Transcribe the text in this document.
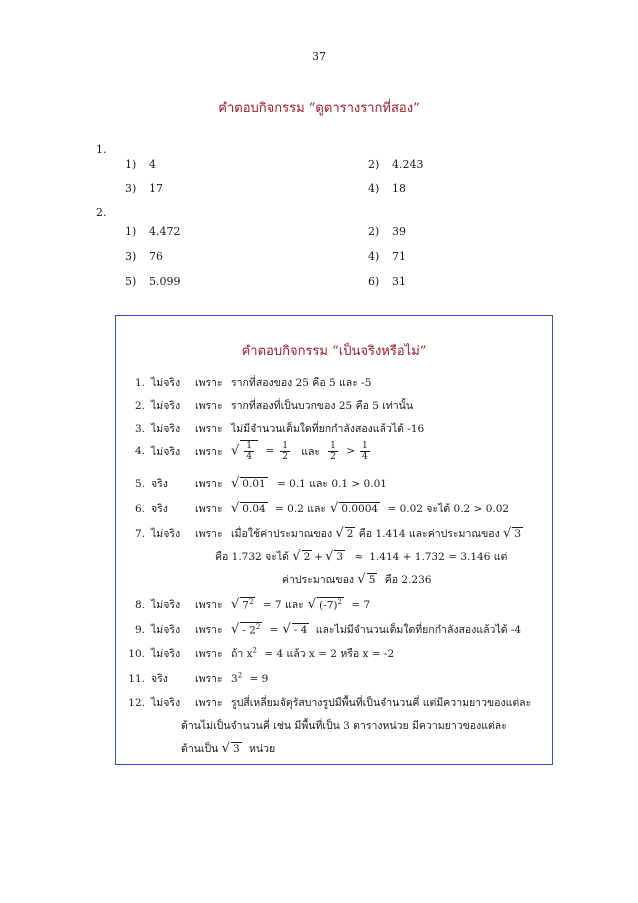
37
คำตอบกิจกรรม “ดูตารางรากที่สอง”
1.
1) 4	2) 4.243
3) 17	4) 18
2.
1) 4.472	2) 39
3) 76	4) 71
5) 5.099	6) 31
คำตอบกิจกรรม “เป็นจริงหรือไม่”
1. ไม่จริง เพราะ รากที่สองของ 25 คือ 5 และ -5
2. ไม่จริง เพราะ รากที่สองที่เป็นบวกของ 25 คือ 5 เท่านั้น
3. ไม่จริง เพราะ ไม่มีจำนวนเต็มใดที่ยกกำลังสองแล้วได้ -16
4. ไม่จริง เพราะ √ $\frac{1}{4} = \frac{1}{2}$ และ $\frac{1}{2} > \frac{1}{4}$
5. จริง	เพราะ √ 0.01 = 0.1 และ 0.1 > 0.01
6. จริง	เพราะ √ 0.04 = 0.2 และ √ 0.0004 = 0.02 จะได้ 0.2 > 0.02
7. ไม่จริง เพราะ เมื่อใช้ค่าประมาณของ √ 2 คือ 1.414 และค่าประมาณของ √ 3
คือ 1.732 จะได้ √ 2 + √ 3 ≈ 1.414 + 1.732 = 3.146 แต่
ค่าประมาณของ √ 5 คือ 2.236
8. ไม่จริง เพราะ √ $7^2 = 7$ และ √ $(-7)^2 = 7$
9. ไม่จริง เพราะ √ - $2^2$ = √ - 4 และไม่มีจำนวนเต็มใดที่ยกกำลังสองแล้วได้ -4
10. ไม่จริง เพราะ ถ้า $x^2 = 4$ แล้ว x = 2 หรือ x = -2
11. จริง	เพราะ $3^2 = 9$
12. ไม่จริง เพราะ รูปสี่เหลี่ยมจัตุรัสบางรูปมีพื้นที่เป็นจำนวนคี่ แต่มีความยาวของแต่ละ
ด้านไม่เป็นจำนวนคี่ เช่น มีพื้นที่เป็น 3 ตารางหน่วย มีความยาวของแต่ละ
ด้านเป็น √ 3 หน่วย
